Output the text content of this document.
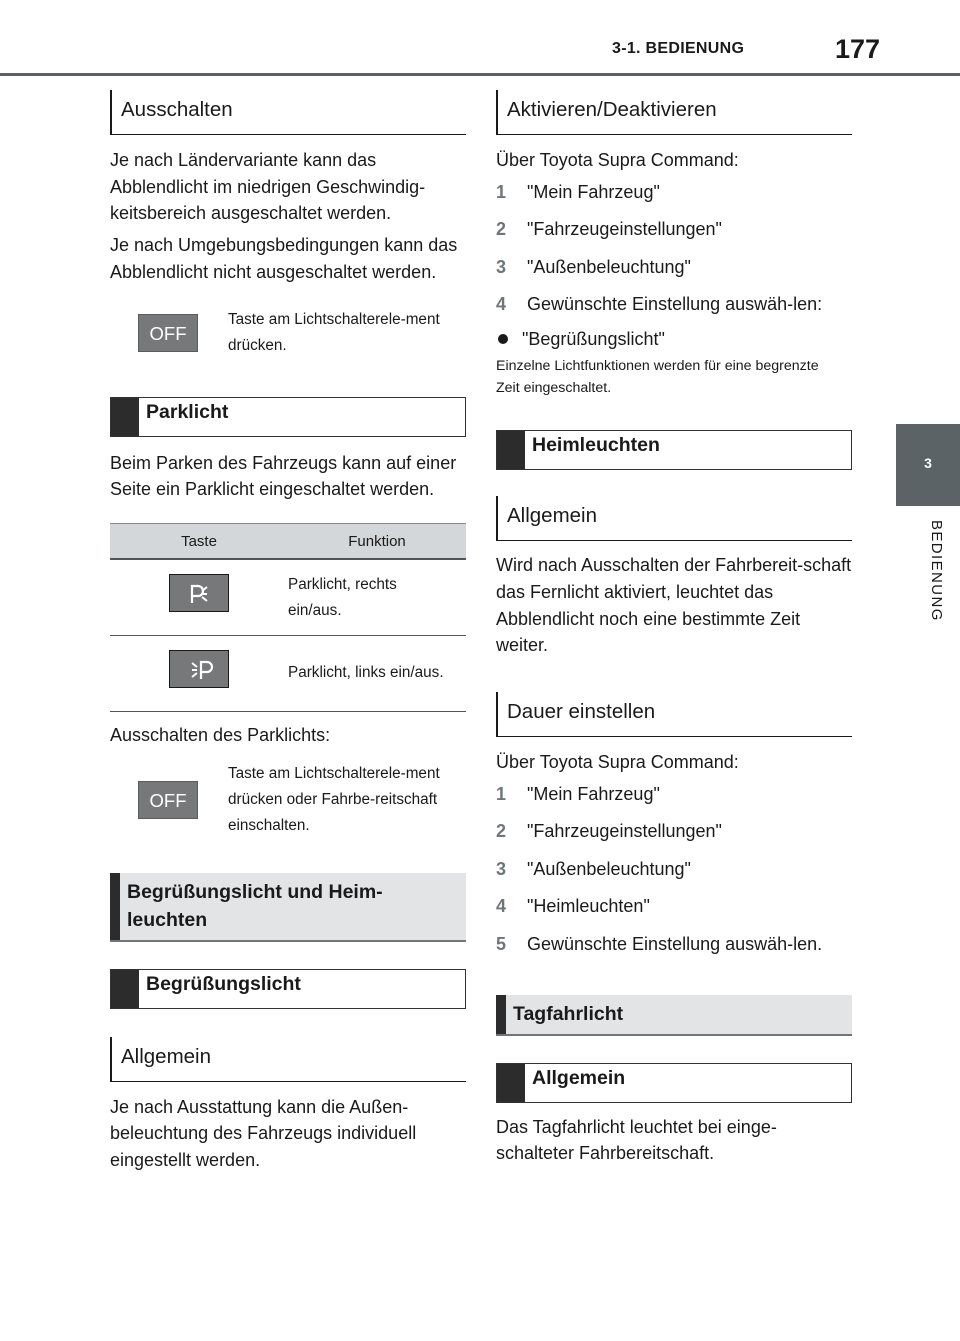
3-1. BEDIENUNG	177
3
BEDIENUNG
Ausschalten

Je nach Ländervariante kann das Abblendlicht im niedrigen Geschwindig-keitsbereich ausgeschaltet werden.

Je nach Umgebungsbedingungen kann das Abblendlicht nicht ausgeschaltet werden.

OFF
Taste am Lichtschalterele-ment drücken.
Parklicht

Beim Parken des Fahrzeugs kann auf einer Seite ein Parklicht eingeschaltet werden.

Taste	Funktion

Parklicht, rechts ein/aus.

Parklicht, links ein/aus.

Ausschalten des Parklichts:

OFF
Taste am Lichtschalterele-ment drücken oder Fahrbe-reitschaft einschalten.
Begrüßungslicht und Heim-leuchten
Begrüßungslicht
Allgemein

Je nach Ausstattung kann die Außen-beleuchtung des Fahrzeugs individuell eingestellt werden.

Aktivieren/Deaktivieren

Über Toyota Supra Command:

1	"Mein Fahrzeug"
2	"Fahrzeugeinstellungen"
3	"Außenbeleuchtung"
4	Gewünschte Einstellung auswäh-len:
"Begrüßungslicht"

Einzelne Lichtfunktionen werden für eine begrenzte Zeit eingeschaltet.

Heimleuchten
Allgemein

Wird nach Ausschalten der Fahrbereit-schaft das Fernlicht aktiviert, leuchtet das Abblendlicht noch eine bestimmte Zeit weiter.

Dauer einstellen

Über Toyota Supra Command:

1	"Mein Fahrzeug"
2	"Fahrzeugeinstellungen"
3	"Außenbeleuchtung"
4	"Heimleuchten"
5	Gewünschte Einstellung auswäh-len.
Tagfahrlicht
Allgemein

Das Tagfahrlicht leuchtet bei einge-schalteter Fahrbereitschaft.
